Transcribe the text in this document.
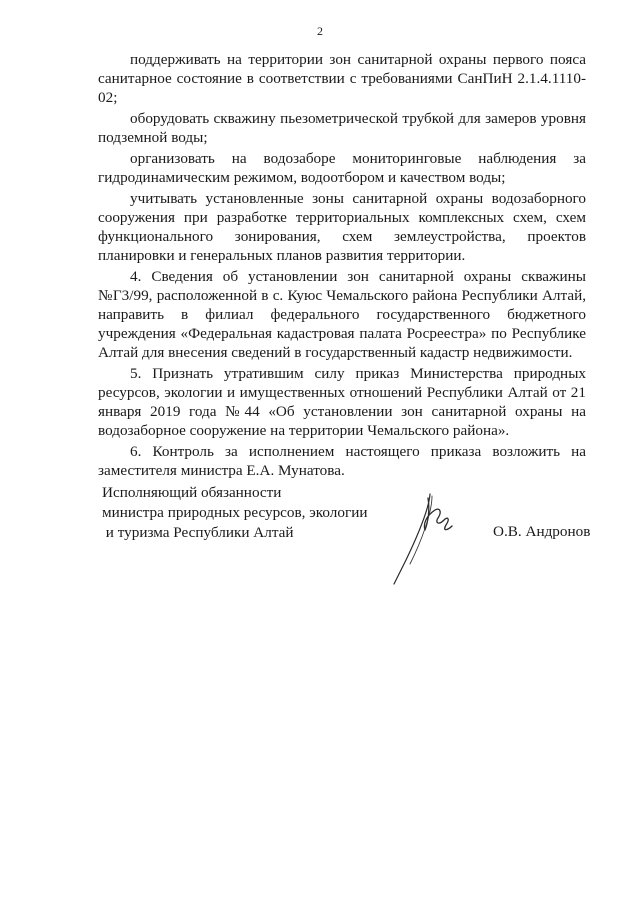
2

поддерживать на территории зон санитарной охраны первого пояса санитарное состояние в соответствии с требованиями СанПиН 2.1.4.1110-02;

оборудовать скважину пьезометрической трубкой для замеров уровня подземной воды;

организовать на водозаборе мониторинговые наблюдения за гидродинамическим режимом, водоотбором и качеством воды;

учитывать установленные зоны санитарной охраны водозаборного сооружения при разработке территориальных комплексных схем, схем функционального зонирования, схем землеустройства, проектов планировки и генеральных планов развития территории.

4. Сведения об установлении зон санитарной охраны скважины №Г3/99, расположенной в с. Куюс Чемальского района Республики Алтай, направить в филиал федерального государственного бюджетного учреждения «Федеральная кадастровая палата Росреестра» по Республике Алтай для внесения сведений в государственный кадастр недвижимости.

5. Признать утратившим силу приказ Министерства природных ресурсов, экологии и имущественных отношений Республики Алтай от 21 января 2019 года №44 «Об установлении зон санитарной охраны на водозаборное сооружение на территории Чемальского района».

6. Контроль за исполнением настоящего приказа возложить на заместителя министра Е.А. Мунатова.

Исполняющий обязанности
министра природных ресурсов, экологии
и туризма Республики Алтай	О.В. Андронов
